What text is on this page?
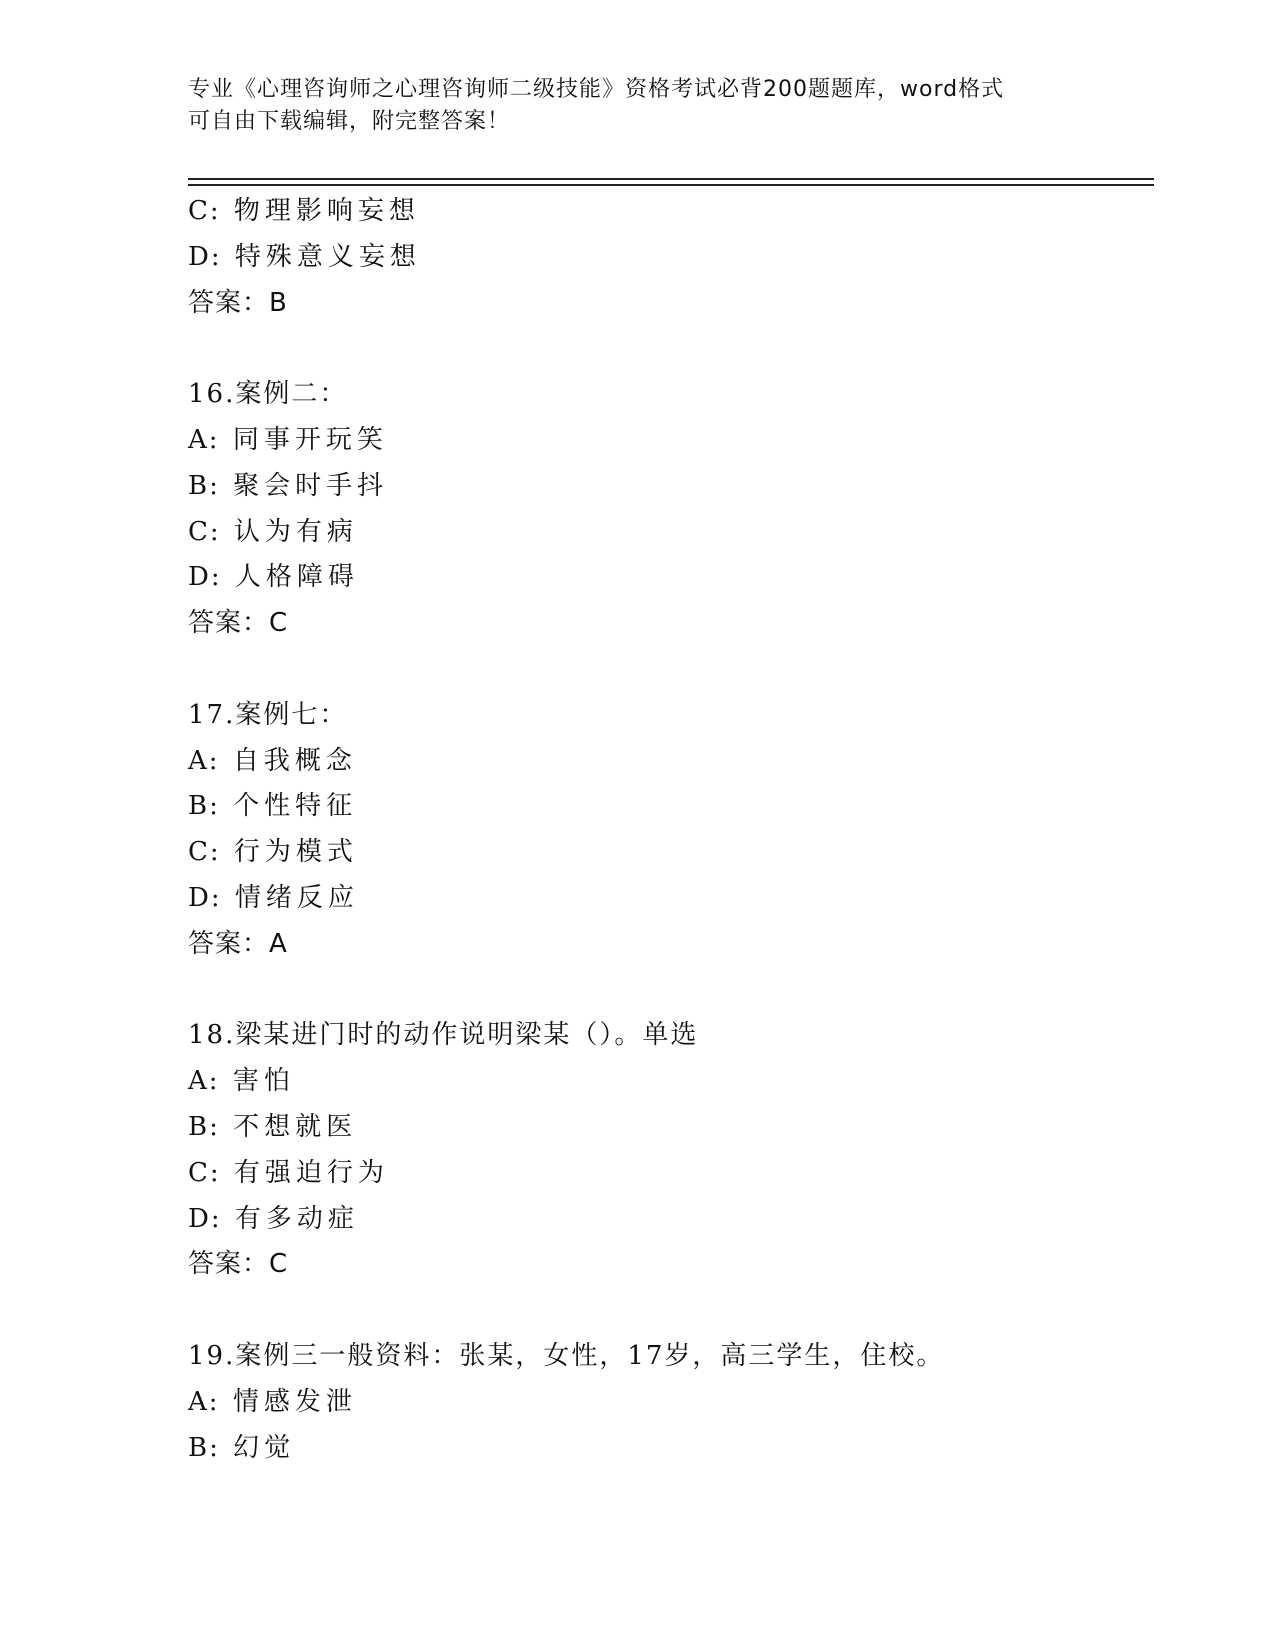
专业《心理咨询师之心理咨询师二级技能》资格考试必背200题题库，word格式
可自由下载编辑，附完整答案！
C: 物理影响妄想
D: 特殊意义妄想
答案：B
16.案例二：
A: 同事开玩笑
B: 聚会时手抖
C: 认为有病
D: 人格障碍
答案：C
17.案例七：
A: 自我概念
B: 个性特征
C: 行为模式
D: 情绪反应
答案：A
18.梁某进门时的动作说明梁某（）。单选
A: 害怕
B: 不想就医
C: 有强迫行为
D: 有多动症
答案：C
19.案例三一般资料：张某，女性，17岁，高三学生，住校。
A: 情感发泄
B: 幻觉
